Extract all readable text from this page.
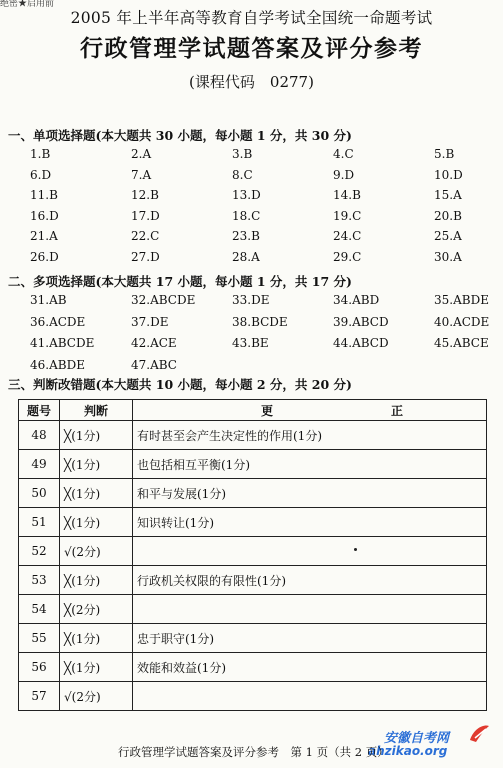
绝密★启用前
2005 年上半年高等教育自学考试全国统一命题考试
行政管理学试题答案及评分参考
(课程代码　0277)
一、单项选择题(本大题共 30 小题，每小题 1 分，共 30 分)
1.B	2.A	3.B	4.C	5.B
6.D	7.A	8.C	9.D	10.D
11.B	12.B	13.D	14.B	15.A
16.D	17.D	18.C	19.C	20.B
21.A	22.C	23.B	24.C	25.A
26.D	27.D	28.A	29.C	30.A
二、多项选择题(本大题共 17 小题，每小题 1 分，共 17 分)
31.AB	32.ABCDE	33.DE	34.ABD	35.ABDE
36.ACDE	37.DE	38.BCDE	39.ABCD	40.ACDE
41.ABCDE	42.ACE	43.BE	44.ABCD	45.ABCE
46.ABDE	47.ABC
三、判断改错题(本大题共 10 小题，每小题 2 分，共 20 分)
题号	判断	更 正

48	╳(1分)	有时甚至会产生决定性的作用(1分)
49	╳(1分)	也包括相互平衡(1分)
50	╳(1分)	和平与发展(1分)
51	╳(1分)	知识转让(1分)
52	√(2分)	
53	╳(1分)	行政机关权限的有限性(1分)
54	╳(2分)	
55	╳(1分)	忠于职守(1分)
56	╳(1分)	效能和效益(1分)
57	√(2分)	
安徽自考网
ahzikao.org
行政管理学试题答案及评分参考　第 1 页（共 2 页）
